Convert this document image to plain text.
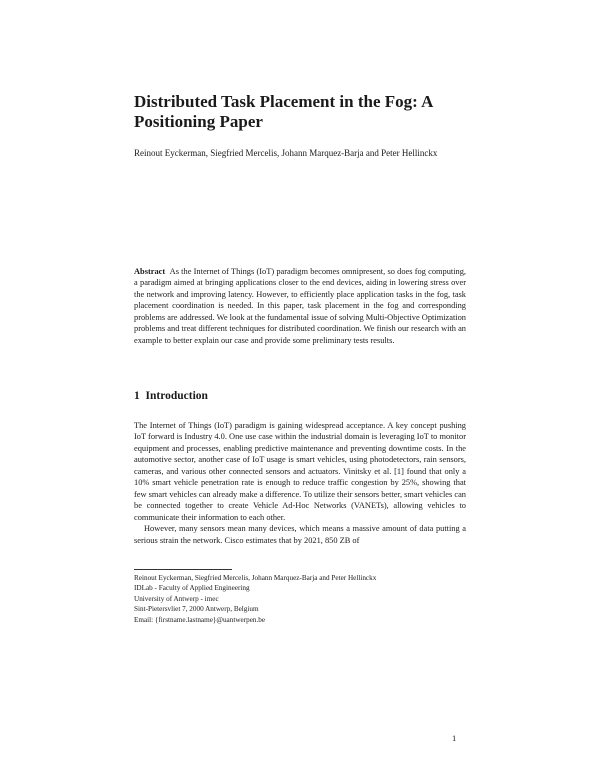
Distributed Task Placement in the Fog: A Positioning Paper

Reinout Eyckerman, Siegfried Mercelis, Johann Marquez-Barja and Peter Hellinckx

Abstract As the Internet of Things (IoT) paradigm becomes omnipresent, so does fog computing, a paradigm aimed at bringing applications closer to the end devices, aiding in lowering stress over the network and improving latency. However, to efficiently place application tasks in the fog, task placement coordination is needed. In this paper, task placement in the fog and corresponding problems are addressed. We look at the fundamental issue of solving Multi-Objective Optimization problems and treat different techniques for distributed coordination. We finish our research with an example to better explain our case and provide some preliminary tests results.

1 Introduction

The Internet of Things (IoT) paradigm is gaining widespread acceptance. A key concept pushing IoT forward is Industry 4.0. One use case within the industrial domain is leveraging IoT to monitor equipment and processes, enabling predictive maintenance and preventing downtime costs. In the automotive sector, another case of IoT usage is smart vehicles, using photodetectors, rain sensors, cameras, and various other connected sensors and actuators. Vinitsky et al. [1] found that only a 10% smart vehicle penetration rate is enough to reduce traffic congestion by 25%, showing that few smart vehicles can already make a difference. To utilize their sensors better, smart vehicles can be connected together to create Vehicle Ad-Hoc Networks (VANETs), allowing vehicles to communicate their information to each other.

However, many sensors mean many devices, which means a massive amount of data putting a serious strain the network. Cisco estimates that by 2021, 850 ZB of

Reinout Eyckerman, Siegfried Mercelis, Johann Marquez-Barja and Peter Hellinckx
IDLab - Faculty of Applied Engineering
University of Antwerp - imec
Sint-Pietersvliet 7, 2000 Antwerp, Belgium
Email: {firstname.lastname}@uantwerpen.be
1
